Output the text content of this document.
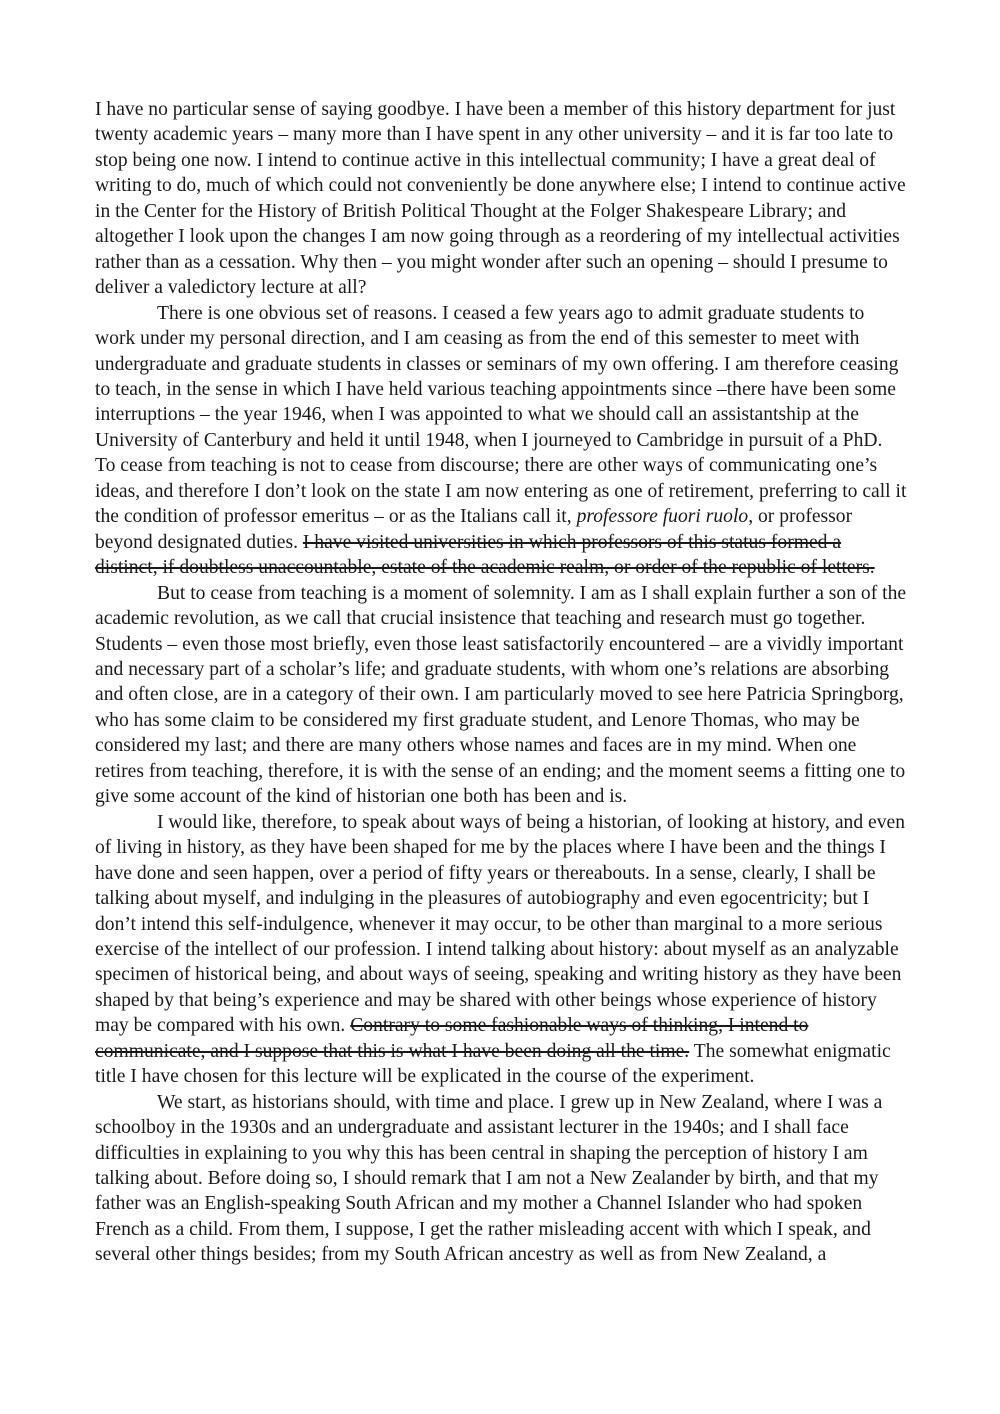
I have no particular sense of saying goodbye. I have been a member of this history department for just twenty academic years – many more than I have spent in any other university – and it is far too late to stop being one now. I intend to continue active in this intellectual community; I have a great deal of writing to do, much of which could not conveniently be done anywhere else; I intend to continue active in the Center for the History of British Political Thought at the Folger Shakespeare Library; and altogether I look upon the changes I am now going through as a reordering of my intellectual activities rather than as a cessation. Why then – you might wonder after such an opening – should I presume to deliver a valedictory lecture at all?

There is one obvious set of reasons. I ceased a few years ago to admit graduate students to work under my personal direction, and I am ceasing as from the end of this semester to meet with undergraduate and graduate students in classes or seminars of my own offering. I am therefore ceasing to teach, in the sense in which I have held various teaching appointments since –there have been some interruptions – the year 1946, when I was appointed to what we should call an assistantship at the University of Canterbury and held it until 1948, when I journeyed to Cambridge in pursuit of a PhD. To cease from teaching is not to cease from discourse; there are other ways of communicating one’s ideas, and therefore I don’t look on the state I am now entering as one of retirement, preferring to call it the condition of professor emeritus – or as the Italians call it, professore fuori ruolo, or professor beyond designated duties. I have visited universities in which professors of this status formed a distinct, if doubtless unaccountable, estate of the academic realm, or order of the republic of letters.

But to cease from teaching is a moment of solemnity. I am as I shall explain further a son of the academic revolution, as we call that crucial insistence that teaching and research must go together. Students – even those most briefly, even those least satisfactorily encountered – are a vividly important and necessary part of a scholar’s life; and graduate students, with whom one’s relations are absorbing and often close, are in a category of their own. I am particularly moved to see here Patricia Springborg, who has some claim to be considered my first graduate student, and Lenore Thomas, who may be considered my last; and there are many others whose names and faces are in my mind. When one retires from teaching, therefore, it is with the sense of an ending; and the moment seems a fitting one to give some account of the kind of historian one both has been and is.

I would like, therefore, to speak about ways of being a historian, of looking at history, and even of living in history, as they have been shaped for me by the places where I have been and the things I have done and seen happen, over a period of fifty years or thereabouts. In a sense, clearly, I shall be talking about myself, and indulging in the pleasures of autobiography and even egocentricity; but I don’t intend this self-indulgence, whenever it may occur, to be other than marginal to a more serious exercise of the intellect of our profession. I intend talking about history: about myself as an analyzable specimen of historical being, and about ways of seeing, speaking and writing history as they have been shaped by that being’s experience and may be shared with other beings whose experience of history may be compared with his own. Contrary to some fashionable ways of thinking, I intend to communicate, and I suppose that this is what I have been doing all the time. The somewhat enigmatic title I have chosen for this lecture will be explicated in the course of the experiment.

We start, as historians should, with time and place. I grew up in New Zealand, where I was a schoolboy in the 1930s and an undergraduate and assistant lecturer in the 1940s; and I shall face difficulties in explaining to you why this has been central in shaping the perception of history I am talking about. Before doing so, I should remark that I am not a New Zealander by birth, and that my father was an English-speaking South African and my mother a Channel Islander who had spoken French as a child. From them, I suppose, I get the rather misleading accent with which I speak, and several other things besides; from my South African ancestry as well as from New Zealand, a
